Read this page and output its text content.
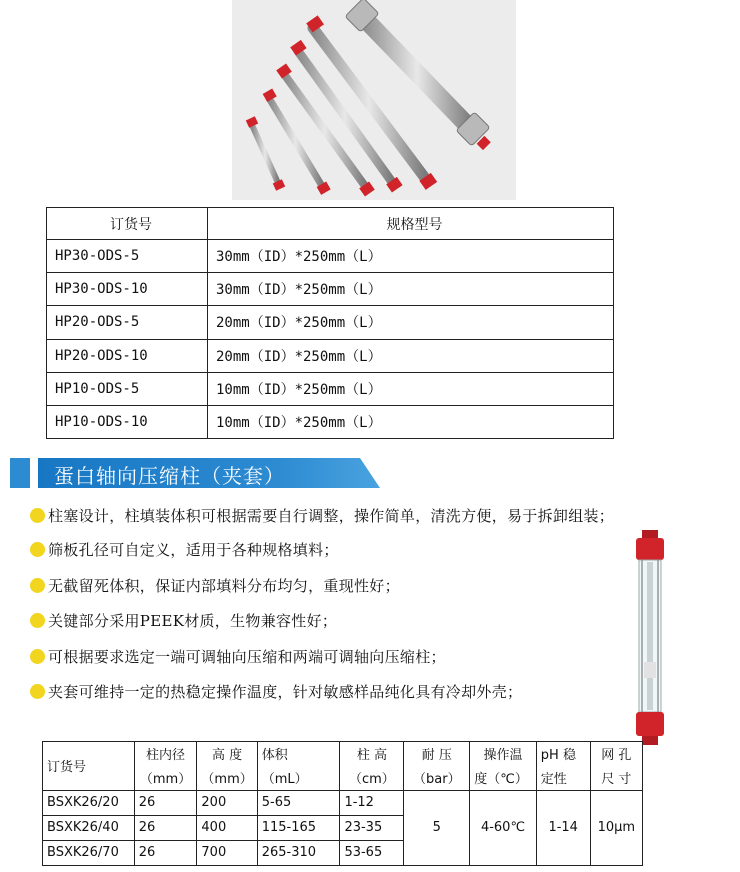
订货号	规格型号
HP30-ODS-5	30mm（ID）*250mm（L）
HP30-ODS-10	30mm（ID）*250mm（L）
HP20-ODS-5	20mm（ID）*250mm（L）
HP20-ODS-10	20mm（ID）*250mm（L）
HP10-ODS-5	10mm（ID）*250mm（L）
HP10-ODS-10	10mm（ID）*250mm（L）
蛋白轴向压缩柱（夹套）
柱塞设计，柱填装体积可根据需要自行调整，操作简单，清洗方便，易于拆卸组装；
筛板孔径可自定义，适用于各种规格填料；
无截留死体积，保证内部填料分布均匀，重现性好；
关键部分采用PEEK材质，生物兼容性好；
可根据要求选定一端可调轴向压缩和两端可调轴向压缩柱；
夹套可维持一定的热稳定操作温度，针对敏感样品纯化具有冷却外壳；
订货号	柱内径	高 度	体积	柱 高	耐 压	操作温	pH 稳	网 孔
	（mm）	（mm）	（mL）	（cm）	（bar）	度（℃）	定性	尺 寸
BSXK26/20	26	200	5-65	1-12	5	4-60℃	1-14	10μm
BSXK26/40	26	400	115-165	23-35				
BSXK26/70	26	700	265-310	53-65				
